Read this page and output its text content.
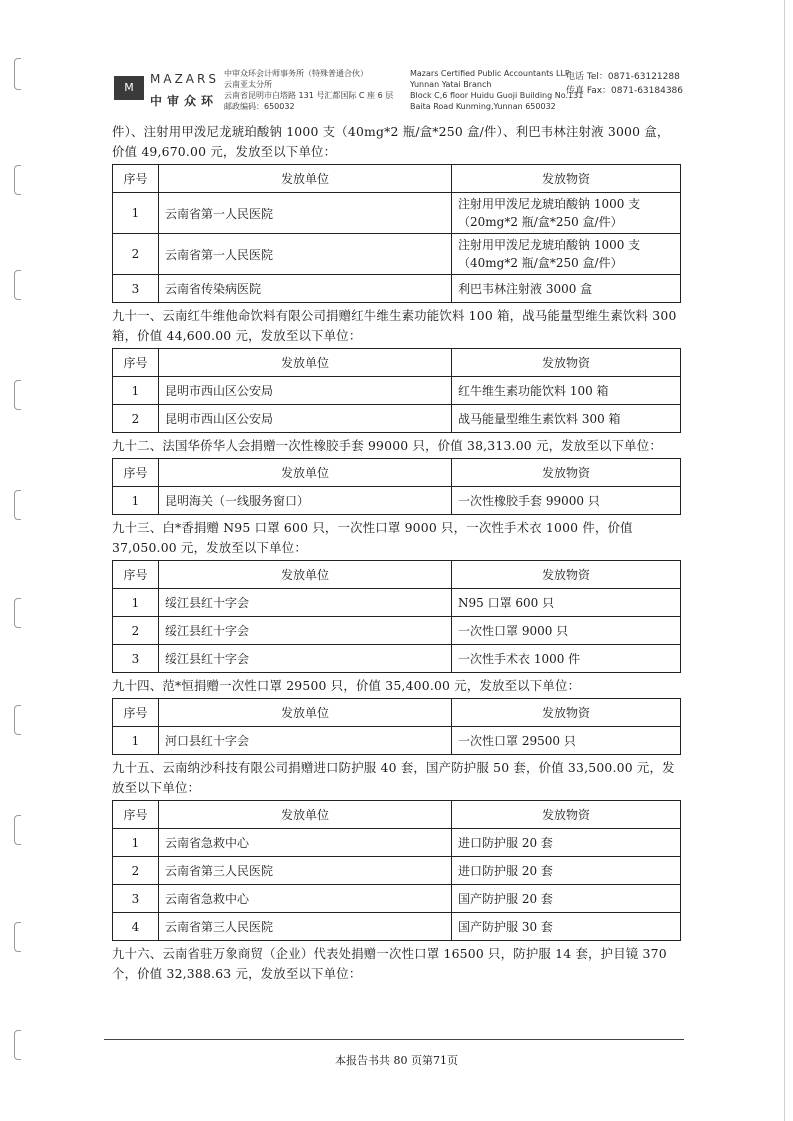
M
MAZARS
中审众环
中审众环会计师事务所（特殊普通合伙）
云南亚太分所
云南省昆明市白塔路 131 号汇都国际 C 座 6 层
邮政编码：650032
Mazars Certified Public Accountants LLP
Yunnan Yatai Branch
Block C,6 floor Huidu Guoji Building No.131
Baita Road Kunming,Yunnan 650032
电话 Tel：0871-63121288
传真 Fax：0871-63184386

件）、注射用甲泼尼龙琥珀酸钠 1000 支（40mg*2 瓶/盒*250 盒/件）、利巴韦林注射液 3000 盒，价值 49,670.00 元，发放至以下单位：

序号	发放单位	发放物资
1	云南省第一人民医院	注射用甲泼尼龙琥珀酸钠 1000 支（20mg*2 瓶/盒*250 盒/件）
2	云南省第一人民医院	注射用甲泼尼龙琥珀酸钠 1000 支（40mg*2 瓶/盒*250 盒/件）
3	云南省传染病医院	利巴韦林注射液 3000 盒

九十一、云南红牛维他命饮料有限公司捐赠红牛维生素功能饮料 100 箱，战马能量型维生素饮料 300 箱，价值 44,600.00 元，发放至以下单位：

序号	发放单位	发放物资
1	昆明市西山区公安局	红牛维生素功能饮料 100 箱
2	昆明市西山区公安局	战马能量型维生素饮料 300 箱

九十二、法国华侨华人会捐赠一次性橡胶手套 99000 只，价值 38,313.00 元，发放至以下单位：

序号	发放单位	发放物资
1	昆明海关（一线服务窗口）	一次性橡胶手套 99000 只

九十三、白*香捐赠 N95 口罩 600 只，一次性口罩 9000 只，一次性手术衣 1000 件，价值 37,050.00 元，发放至以下单位：

序号	发放单位	发放物资
1	绥江县红十字会	N95 口罩 600 只
2	绥江县红十字会	一次性口罩 9000 只
3	绥江县红十字会	一次性手术衣 1000 件

九十四、范*恒捐赠一次性口罩 29500 只，价值 35,400.00 元，发放至以下单位：

序号	发放单位	发放物资
1	河口县红十字会	一次性口罩 29500 只

九十五、云南纳沙科技有限公司捐赠进口防护服 40 套，国产防护服 50 套，价值 33,500.00 元，发放至以下单位：

序号	发放单位	发放物资
1	云南省急救中心	进口防护服 20 套
2	云南省第三人民医院	进口防护服 20 套
3	云南省急救中心	国产防护服 20 套
4	云南省第三人民医院	国产防护服 30 套

九十六、云南省驻万象商贸（企业）代表处捐赠一次性口罩 16500 只，防护服 14 套，护目镜 370 个，价值 32,388.63 元，发放至以下单位：

本报告书共 80 页第71页
